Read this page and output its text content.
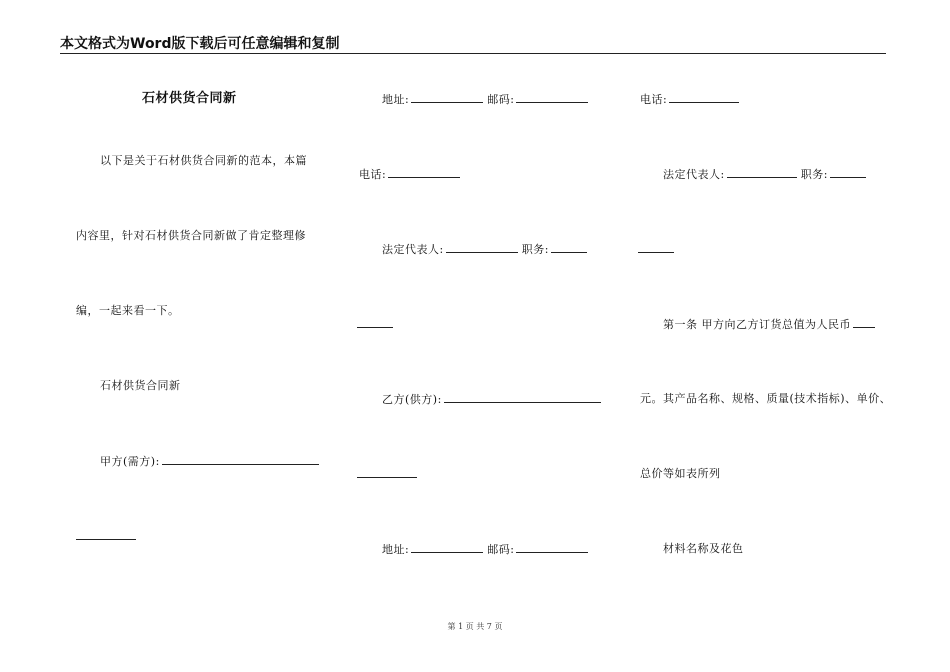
本文格式为Word版下载后可任意编辑和复制
石材供货合同新
以下是关于石材供货合同新的范本，本篇
内容里，针对石材供货合同新做了肯定整理修
编，一起来看一下。
石材供货合同新
甲方(需方):
地址:	邮码:
电话:
法定代表人:	职务:
乙方(供方):
地址:	邮码:
电话:
法定代表人:	职务:
第一条 甲方向乙方订货总值为人民币
元。其产品名称、规格、质量(技术指标)、单价、
总价等如表所列
材料名称及花色
第 1 页 共 7 页
